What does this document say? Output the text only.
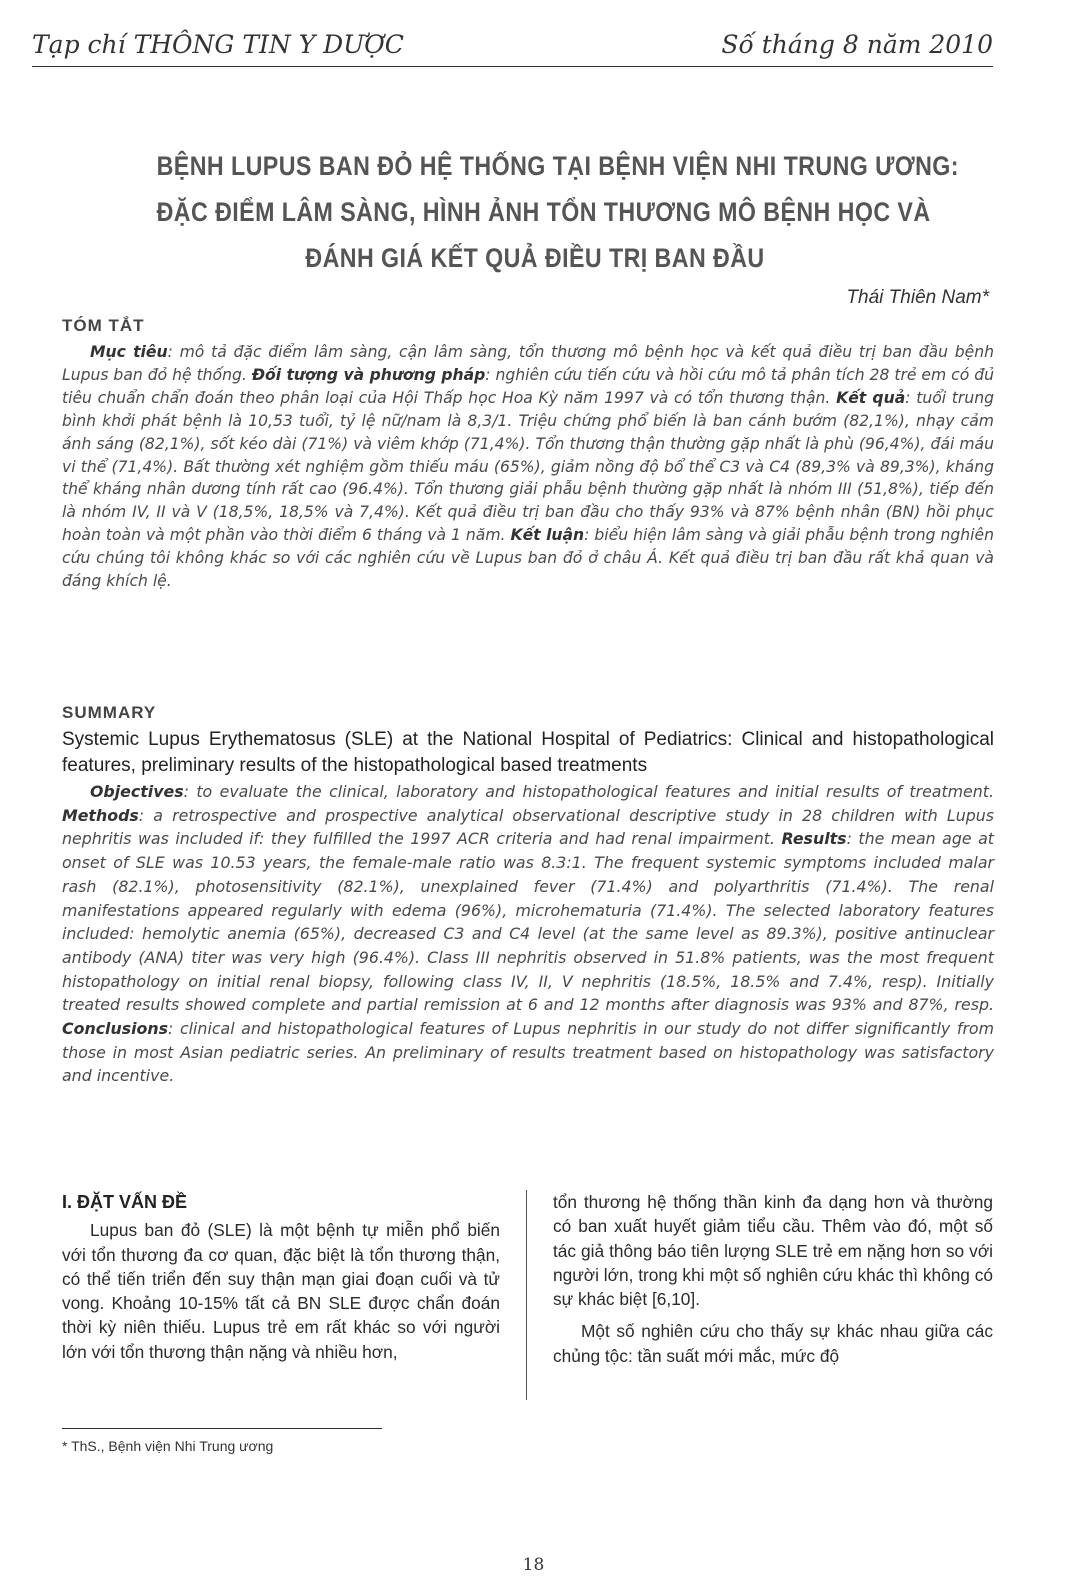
Tạp chí THÔNG TIN Y DƯỢC	Số tháng 8 năm 2010
BỆNH LUPUS BAN ĐỎ HỆ THỐNG TẠI BỆNH VIỆN NHI TRUNG ƯƠNG:
ĐẶC ĐIỂM LÂM SÀNG, HÌNH ẢNH TỔN THƯƠNG MÔ BỆNH HỌC VÀ
ĐÁNH GIÁ KẾT QUẢ ĐIỀU TRỊ BAN ĐẦU
Thái Thiên Nam*
TÓM TẮT
Mục tiêu: mô tả đặc điểm lâm sàng, cận lâm sàng, tổn thương mô bệnh học và kết quả điều trị ban đầu bệnh Lupus ban đỏ hệ thống. Đối tượng và phương pháp: nghiên cứu tiến cứu và hồi cứu mô tả phân tích 28 trẻ em có đủ tiêu chuẩn chẩn đoán theo phân loại của Hội Thấp học Hoa Kỳ năm 1997 và có tổn thương thận. Kết quả: tuổi trung bình khởi phát bệnh là 10,53 tuổi, tỷ lệ nữ/nam là 8,3/1. Triệu chứng phổ biến là ban cánh bướm (82,1%), nhạy cảm ánh sáng (82,1%), sốt kéo dài (71%) và viêm khớp (71,4%). Tổn thương thận thường gặp nhất là phù (96,4%), đái máu vi thể (71,4%). Bất thường xét nghiệm gồm thiếu máu (65%), giảm nồng độ bổ thể C3 và C4 (89,3% và 89,3%), kháng thể kháng nhân dương tính rất cao (96.4%). Tổn thương giải phẫu bệnh thường gặp nhất là nhóm III (51,8%), tiếp đến là nhóm IV, II và V (18,5%, 18,5% và 7,4%). Kết quả điều trị ban đầu cho thấy 93% và 87% bệnh nhân (BN) hồi phục hoàn toàn và một phần vào thời điểm 6 tháng và 1 năm. Kết luận: biểu hiện lâm sàng và giải phẫu bệnh trong nghiên cứu chúng tôi không khác so với các nghiên cứu về Lupus ban đỏ ở châu Á. Kết quả điều trị ban đầu rất khả quan và đáng khích lệ.
SUMMARY
Systemic Lupus Erythematosus (SLE) at the National Hospital of Pediatrics: Clinical and histopathological features, preliminary results of the histopathological based treatments
Objectives: to evaluate the clinical, laboratory and histopathological features and initial results of treatment. Methods: a retrospective and prospective analytical observational descriptive study in 28 children with Lupus nephritis was included if: they fulfilled the 1997 ACR criteria and had renal impairment. Results: the mean age at onset of SLE was 10.53 years, the female-male ratio was 8.3:1. The frequent systemic symptoms included malar rash (82.1%), photosensitivity (82.1%), unexplained fever (71.4%) and polyarthritis (71.4%). The renal manifestations appeared regularly with edema (96%), microhematuria (71.4%). The selected laboratory features included: hemolytic anemia (65%), decreased C3 and C4 level (at the same level as 89.3%), positive antinuclear antibody (ANA) titer was very high (96.4%). Class III nephritis observed in 51.8% patients, was the most frequent histopathology on initial renal biopsy, following class IV, II, V nephritis (18.5%, 18.5% and 7.4%, resp). Initially treated results showed complete and partial remission at 6 and 12 months after diagnosis was 93% and 87%, resp. Conclusions: clinical and histopathological features of Lupus nephritis in our study do not differ significantly from those in most Asian pediatric series. An preliminary of results treatment based on histopathology was satisfactory and incentive.
I. ĐẶT VẤN ĐỀ

Lupus ban đỏ (SLE) là một bệnh tự miễn phổ biến với tổn thương đa cơ quan, đặc biệt là tổn thương thận, có thể tiến triển đến suy thận mạn giai đoạn cuối và tử vong. Khoảng 10-15% tất cả BN SLE được chẩn đoán thời kỳ niên thiếu. Lupus trẻ em rất khác so với người lớn với tổn thương thận nặng và nhiều hơn,

tổn thương hệ thống thần kinh đa dạng hơn và thường có ban xuất huyết giảm tiểu cầu. Thêm vào đó, một số tác giả thông báo tiên lượng SLE trẻ em nặng hơn so với người lớn, trong khi một số nghiên cứu khác thì không có sự khác biệt [6,10].

Một số nghiên cứu cho thấy sự khác nhau giữa các chủng tộc: tần suất mới mắc, mức độ

* ThS., Bệnh viện Nhi Trung ương
18
